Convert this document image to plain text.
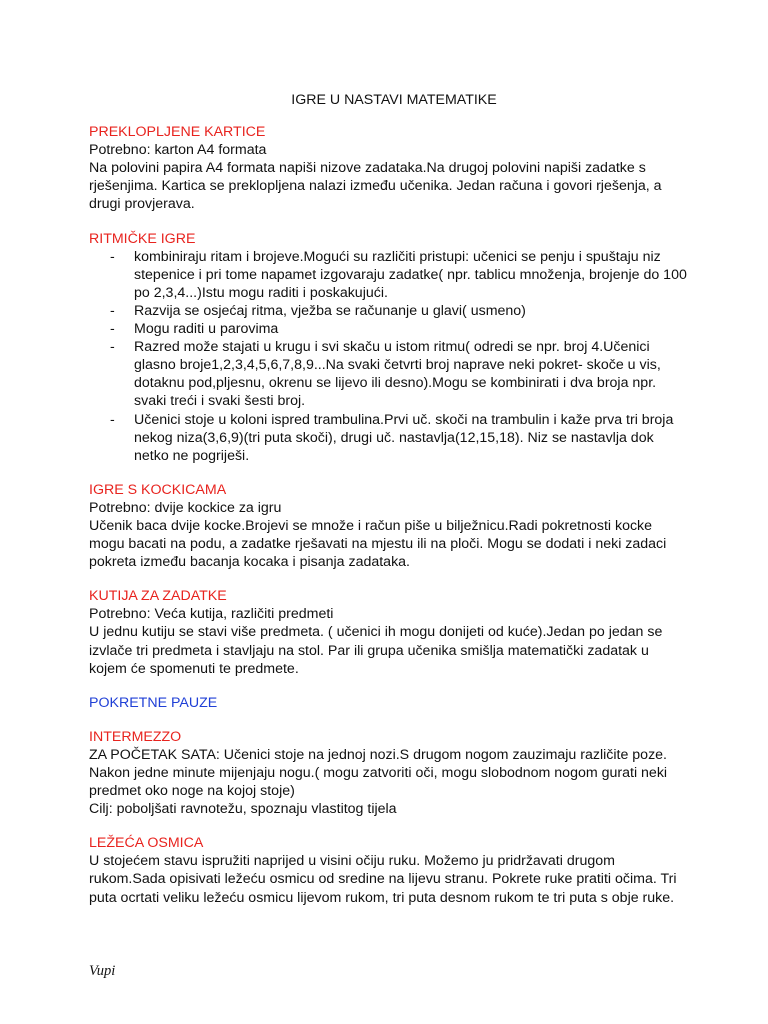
IGRE U NASTAVI MATEMATIKE

PREKLOPLJENE KARTICE

Potrebno: karton A4 formata

Na polovini papira A4 formata napiši nizove zadataka.Na drugoj polovini napiši zadatke s rješenjima. Kartica se preklopljena nalazi između učenika. Jedan računa i govori rješenja, a drugi provjerava.

RITMIČKE IGRE

- kombiniraju ritam i brojeve.Mogući su različiti pristupi: učenici se penju i spuštaju niz stepenice i pri tome napamet izgovaraju zadatke( npr. tablicu množenja, brojenje do 100 po 2,3,4...)Istu mogu raditi i poskakujući.
- Razvija se osjećaj ritma, vježba se računanje u glavi( usmeno)
- Mogu raditi u parovima
- Razred može stajati u krugu i svi skaču u istom ritmu( odredi se npr. broj 4.Učenici glasno broje1,2,3,4,5,6,7,8,9...Na svaki četvrti broj naprave neki pokret- skoče u vis, dotaknu pod,pljesnu, okrenu se lijevo ili desno).Mogu se kombinirati i dva broja npr. svaki treći i svaki šesti broj.
- Učenici stoje u koloni ispred trambulina.Prvi uč. skoči na trambulin i kaže prva tri broja nekog niza(3,6,9)(tri puta skoči), drugi uč. nastavlja(12,15,18). Niz se nastavlja dok netko ne pogriješi.

IGRE S KOCKICAMA

Potrebno: dvije kockice za igru

Učenik baca dvije kocke.Brojevi se množe i račun piše u bilježnicu.Radi pokretnosti kocke mogu bacati na podu, a zadatke rješavati na mjestu ili na ploči. Mogu se dodati i neki zadaci pokreta između bacanja kocaka i pisanja zadataka.

KUTIJA ZA ZADATKE

Potrebno: Veća kutija, različiti predmeti

U jednu kutiju se stavi više predmeta. ( učenici ih mogu donijeti od kuće).Jedan po jedan se izvlače tri predmeta i stavljaju na stol. Par ili grupa učenika smišlja matematički zadatak u kojem će spomenuti te predmete.

POKRETNE PAUZE

INTERMEZZO

ZA POČETAK SATA: Učenici stoje na jednoj nozi.S drugom nogom zauzimaju različite poze. Nakon jedne minute mijenjaju nogu.( mogu zatvoriti oči, mogu slobodnom nogom gurati neki predmet oko noge na kojoj stoje)

Cilj: poboljšati ravnotežu, spoznaju vlastitog tijela

LEŽEĆA OSMICA

U stojećem stavu ispružiti naprijed u visini očiju ruku. Možemo ju pridržavati drugom rukom.Sada opisivati ležeću osmicu od sredine na lijevu stranu. Pokrete ruke pratiti očima. Tri puta ocrtati veliku ležeću osmicu lijevom rukom, tri puta desnom rukom te tri puta s obje ruke.

Vupi
